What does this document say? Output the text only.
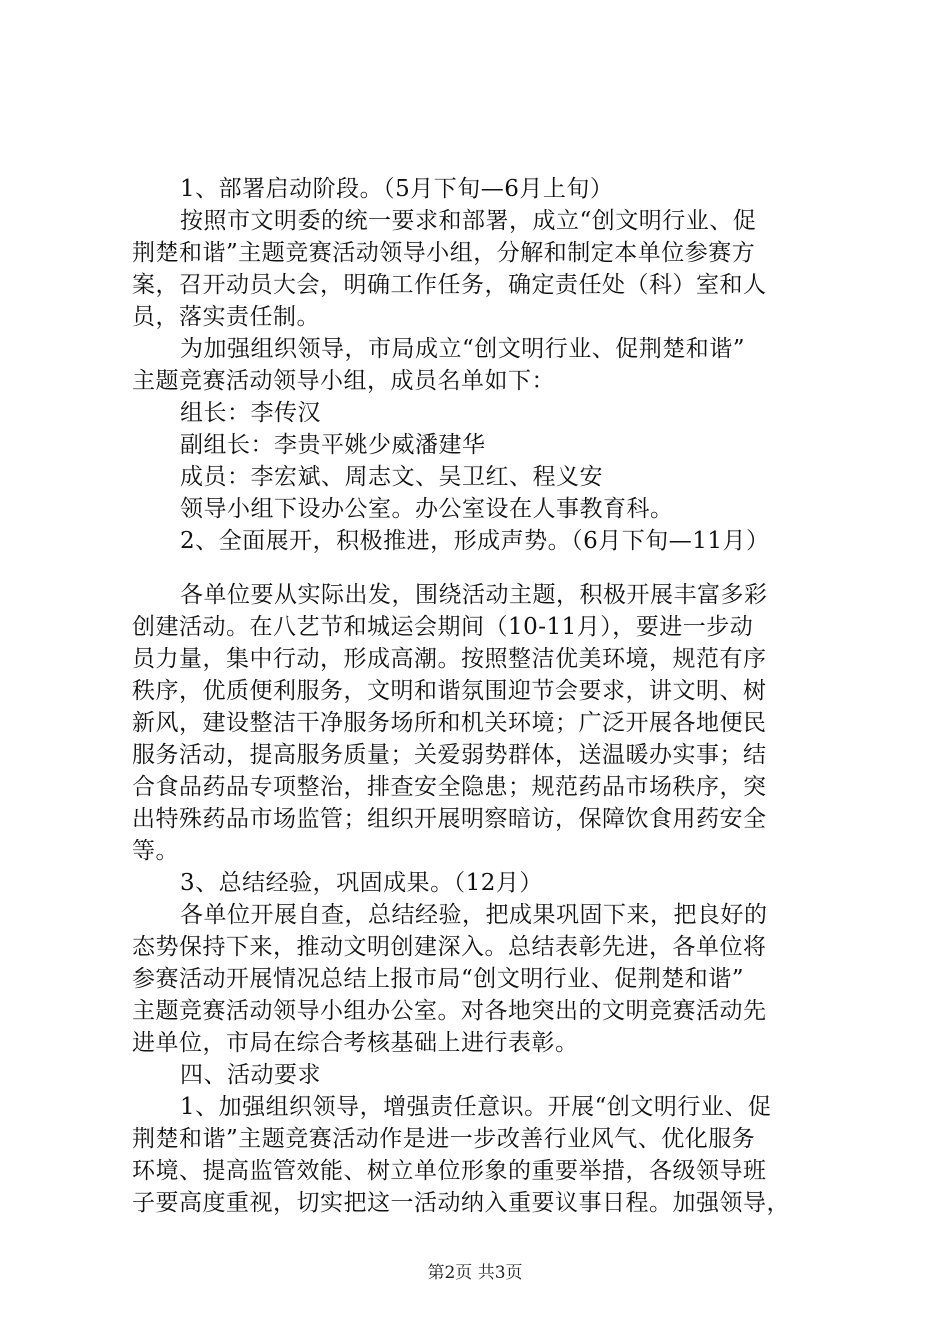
1、部署启动阶段。（5月下旬—6月上旬）
按照市文明委的统一要求和部署，成立“创文明行业、促
荆楚和谐”主题竞赛活动领导小组，分解和制定本单位参赛方
案，召开动员大会，明确工作任务，确定责任处（科）室和人
员，落实责任制。
为加强组织领导，市局成立“创文明行业、促荆楚和谐”
主题竞赛活动领导小组，成员名单如下：
组长：李传汉
副组长：李贵平姚少威潘建华
成员：李宏斌、周志文、吴卫红、程义安
领导小组下设办公室。办公室设在人事教育科。
2、全面展开，积极推进，形成声势。（6月下旬—11月）
各单位要从实际出发，围绕活动主题，积极开展丰富多彩
创建活动。在八艺节和城运会期间（10-11月），要进一步动
员力量，集中行动，形成高潮。按照整洁优美环境，规范有序
秩序，优质便利服务，文明和谐氛围迎节会要求，讲文明、树
新风，建设整洁干净服务场所和机关环境；广泛开展各地便民
服务活动，提高服务质量；关爱弱势群体，送温暖办实事；结
合食品药品专项整治，排查安全隐患；规范药品市场秩序，突
出特殊药品市场监管；组织开展明察暗访，保障饮食用药安全
等。
3、总结经验，巩固成果。（12月）
各单位开展自查，总结经验，把成果巩固下来，把良好的
态势保持下来，推动文明创建深入。总结表彰先进，各单位将
参赛活动开展情况总结上报市局“创文明行业、促荆楚和谐”
主题竞赛活动领导小组办公室。对各地突出的文明竞赛活动先
进单位，市局在综合考核基础上进行表彰。
四、活动要求
1、加强组织领导，增强责任意识。开展“创文明行业、促
荆楚和谐”主题竞赛活动作是进一步改善行业风气、优化服务
环境、提高监管效能、树立单位形象的重要举措，各级领导班
子要高度重视，切实把这一活动纳入重要议事日程。加强领导，
第2页 共3页
